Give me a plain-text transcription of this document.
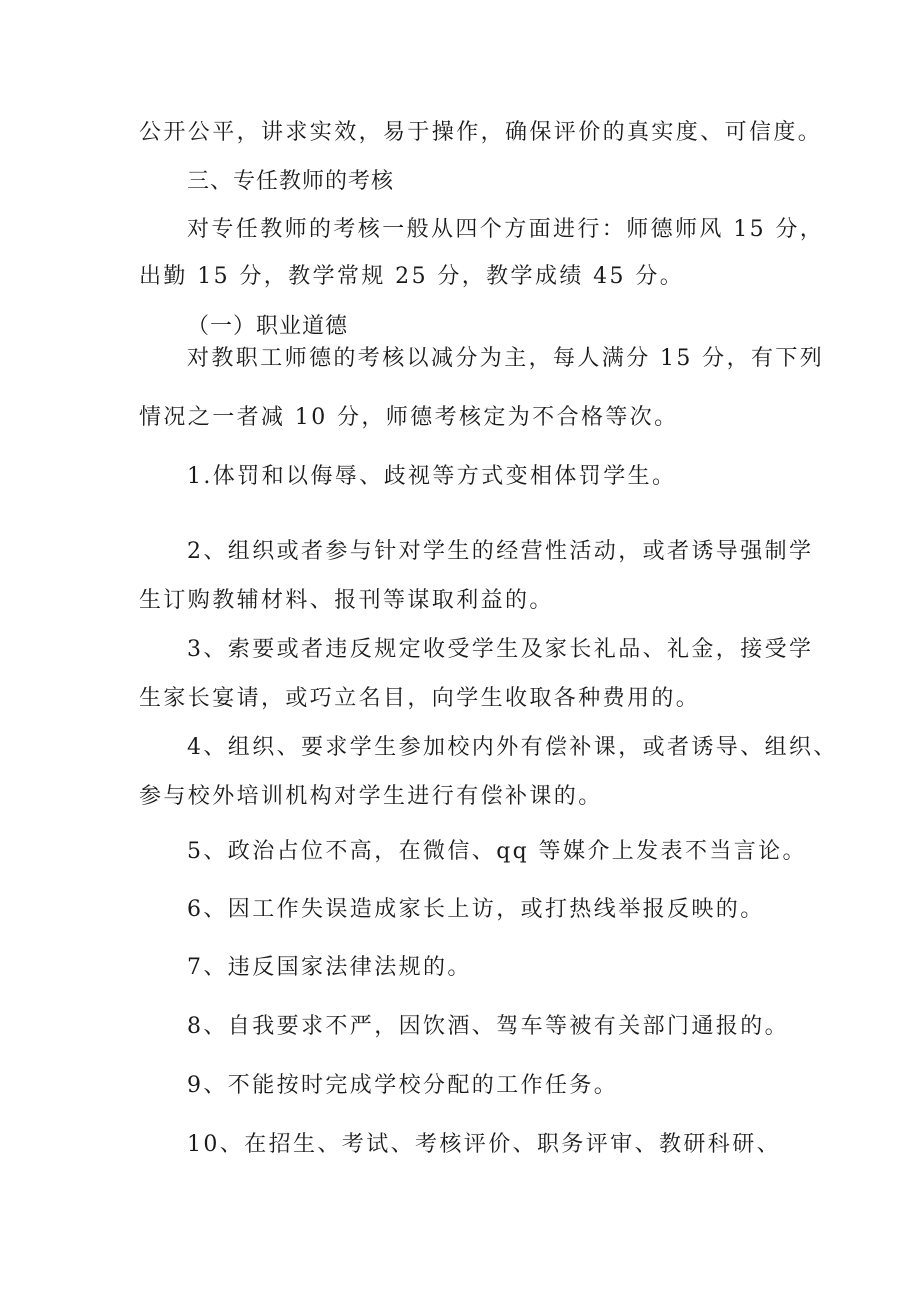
公开公平，讲求实效，易于操作，确保评价的真实度、可信度。
三、专任教师的考核
对专任教师的考核一般从四个方面进行：师德师风 15 分，
出勤 15 分，教学常规 25 分，教学成绩 45 分。
（一）职业道德
对教职工师德的考核以减分为主，每人满分 15 分，有下列
情况之一者减 10 分，师德考核定为不合格等次。
1.体罚和以侮辱、歧视等方式变相体罚学生。
2、组织或者参与针对学生的经营性活动，或者诱导强制学
生订购教辅材料、报刊等谋取利益的。
3、索要或者违反规定收受学生及家长礼品、礼金，接受学
生家长宴请，或巧立名目，向学生收取各种费用的。
4、组织、要求学生参加校内外有偿补课，或者诱导、组织、
参与校外培训机构对学生进行有偿补课的。
5、政治占位不高，在微信、qq 等媒介上发表不当言论。
6、因工作失误造成家长上访，或打热线举报反映的。
7、违反国家法律法规的。
8、自我要求不严，因饮酒、驾车等被有关部门通报的。
9、不能按时完成学校分配的工作任务。
10、在招生、考试、考核评价、职务评审、教研科研、
